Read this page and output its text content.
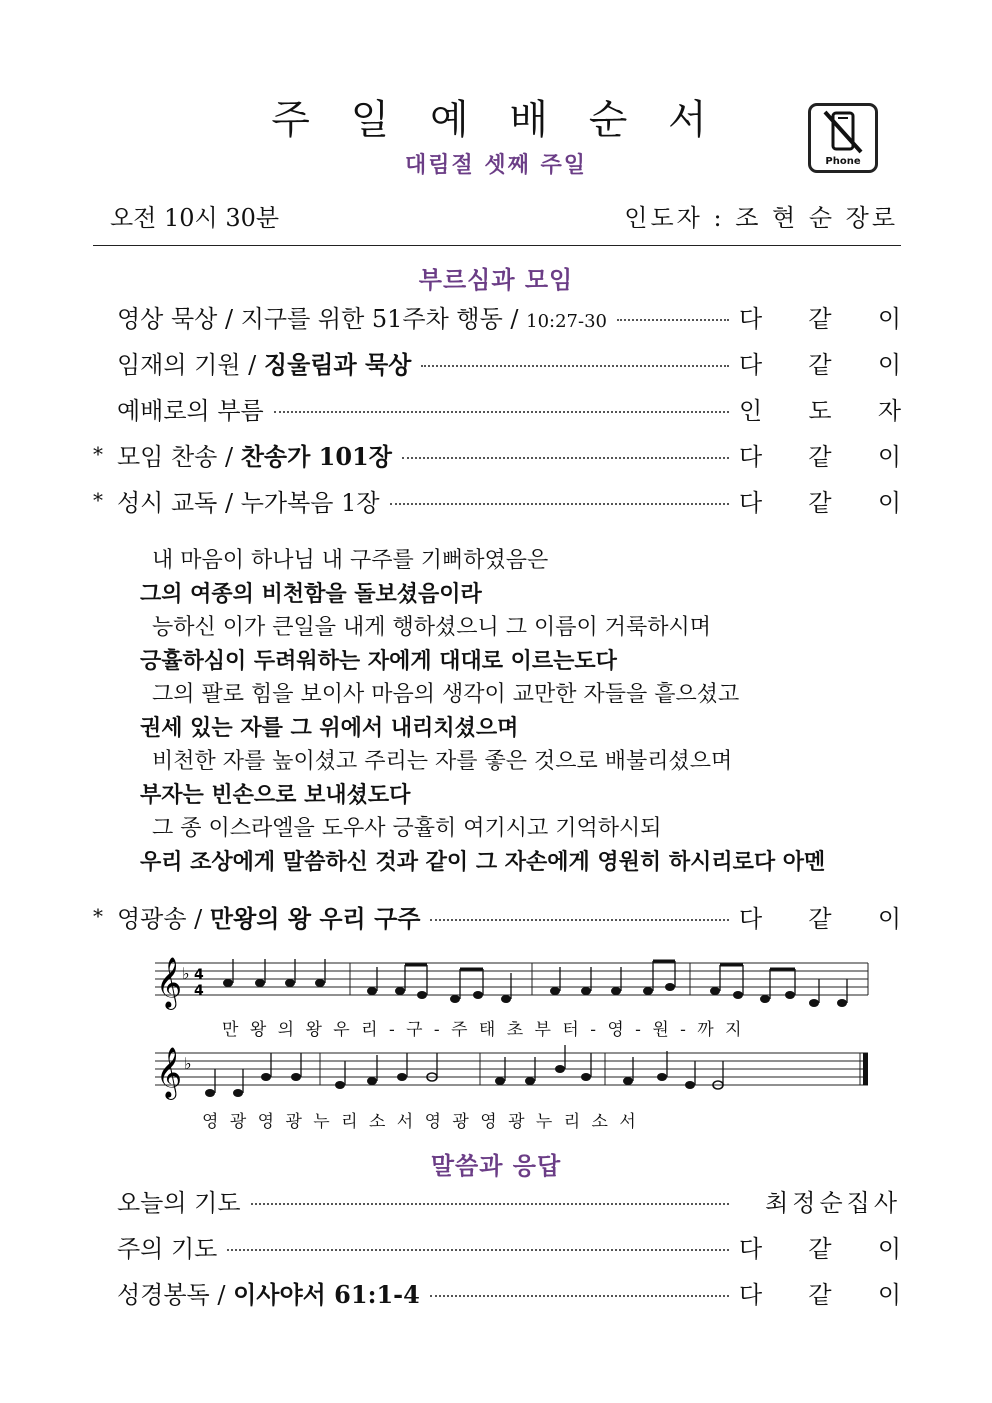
주 일 예 배 순 서
대림절 셋째 주일	Phone
오전 10시 30분	인도자 : 조 현 순 장로
부르심과 모임
영상 묵상 / 지구를 위한 51주차 행동 / 10:27-30	다 같 이
임재의 기원 / 징울림과 묵상	다 같 이
예배로의 부름	인 도 자
* 모임 찬송 / 찬송가 101장	다 같 이
* 성시 교독 / 누가복음 1장	다 같 이
내 마음이 하나님 내 구주를 기뻐하였음은
그의 여종의 비천함을 돌보셨음이라
능하신 이가 큰일을 내게 행하셨으니 그 이름이 거룩하시며
긍휼하심이 두려워하는 자에게 대대로 이르는도다
그의 팔로 힘을 보이사 마음의 생각이 교만한 자들을 흩으셨고
권세 있는 자를 그 위에서 내리치셨으며
비천한 자를 높이셨고 주리는 자를 좋은 것으로 배불리셨으며
부자는 빈손으로 보내셨도다
그 종 이스라엘을 도우사 긍휼히 여기시고 기억하시되
우리 조상에게 말씀하신 것과 같이 그 자손에게 영원히 하시리로다 아멘
* 영광송 / 만왕의 왕 우리 구주	다 같 이
𝄞 ♭ 4
4
만 왕 의 왕 우 리 - 구 - 주 태 초 부 터 - 영 - 원 - 까 지
𝄞 ♭
영 광 영 광 누 리 소 서 영 광 영 광 누 리 소 서
말씀과 응답
오늘의 기도	최정순집사
주의 기도	다 같 이
성경봉독 / 이사야서 61:1-4	다 같 이
